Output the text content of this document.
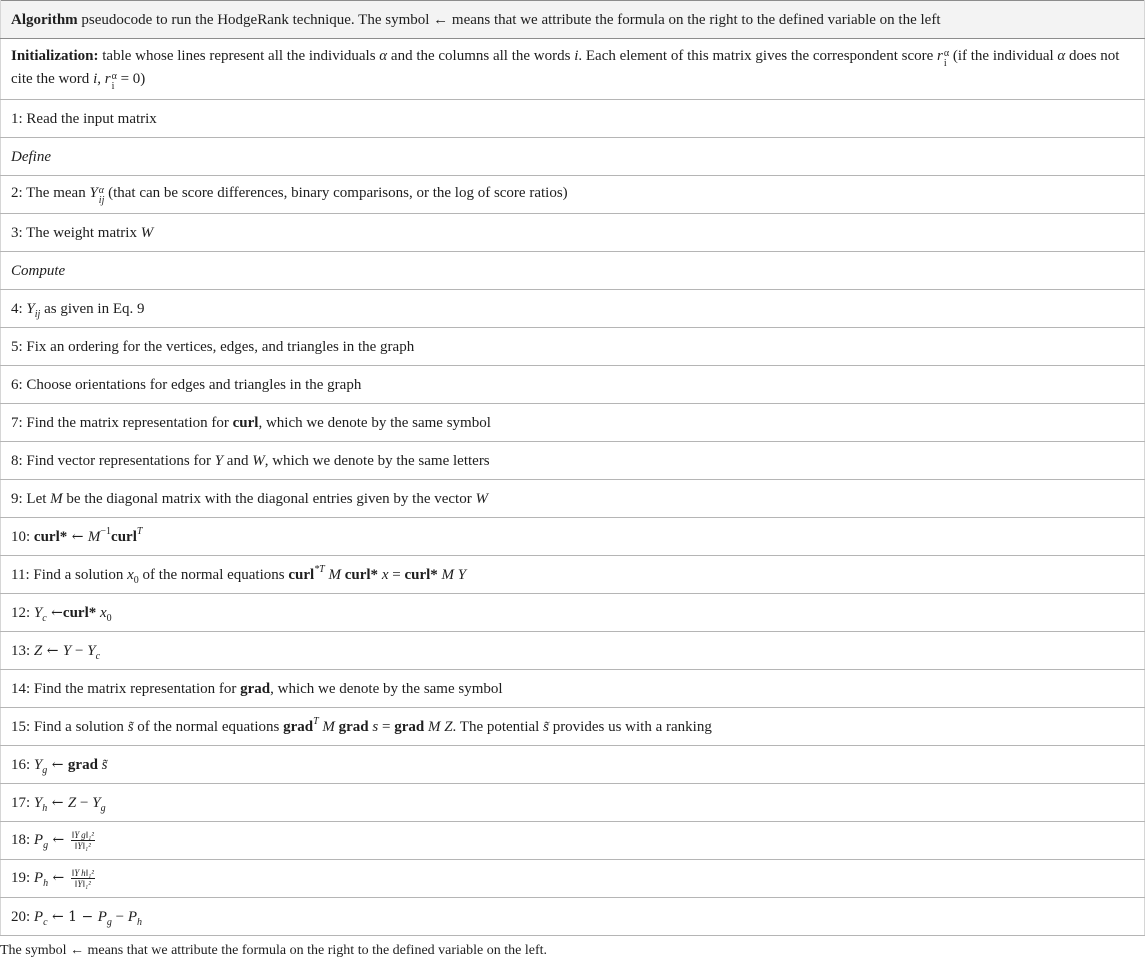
Algorithm pseudocode to run the HodgeRank technique. The symbol ← means that we attribute the formula on the right to the defined variable on the left
Initialization: table whose lines represent all the individuals α and the columns all the words i. Each element of this matrix gives the correspondent score r α
i (if the individual α does not cite the word i, r α
i = 0)
1: Read the input matrix
Define
2: The mean Y α
ij (that can be score differences, binary comparisons, or the log of score ratios)
3: The weight matrix W
Compute
4: $Y_{ij}$ as given in Eq. 9
5: Fix an ordering for the vertices, edges, and triangles in the graph
6: Choose orientations for edges and triangles in the graph
7: Find the matrix representation for curl, which we denote by the same symbol
8: Find vector representations for Y and W, which we denote by the same letters
9: Let M be the diagonal matrix with the diagonal entries given by the vector W
10: curl* ← $M^{-1}curl^T$
11: Find a solution $x_0$ of the normal equations curl$^{*T}$ M curl* x = curl* M Y
12: $Y_c$ ←curl* $x_0$
13: Z ← $Y - Y_c$
14: Find the matrix representation for grad, which we denote by the same symbol
15: Find a solution s̃ of the normal equations grad$^T$ M grad s = grad M Z. The potential s̃ provides us with a ranking
16: $Y_g$ ← grad s̃
17: $Y_h$ ← $Z - Y_g$
18: $P_g$ ← $\frac{\text{‖Y g‖₁²}}{\text{‖Y‖₁²}}$

19: $P_h$ ← $\frac{\text{‖Y h‖₁²}}{\text{‖Y‖₁²}}$

20: $P_c$ ← $1 - P_g - P_h$

The symbol ← means that we attribute the formula on the right to the defined variable on the left.
